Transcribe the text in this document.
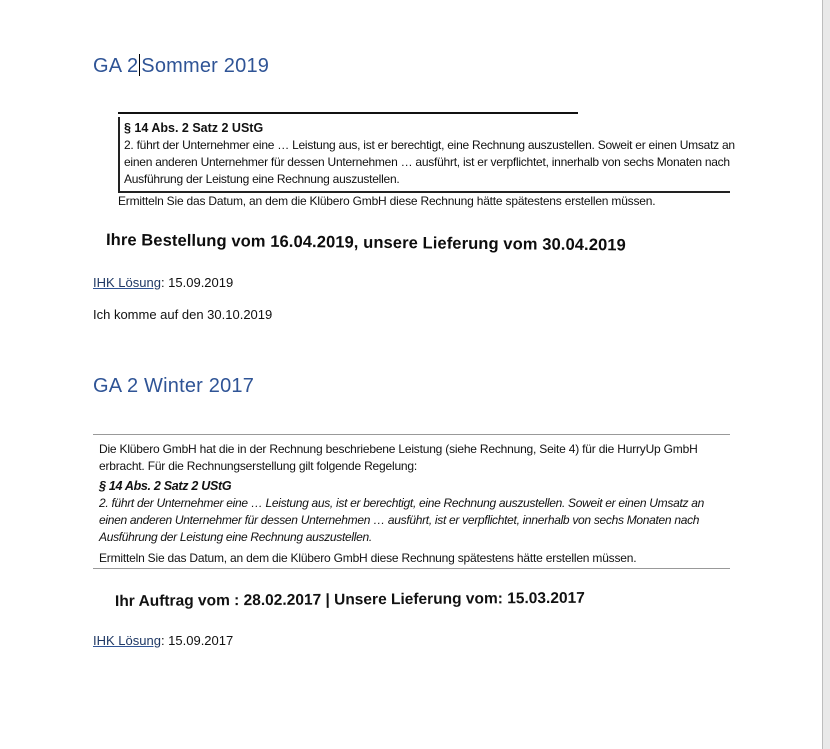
GA 2 Sommer 2019
§ 14 Abs. 2 Satz 2 UStG
2. führt der Unternehmer eine … Leistung aus, ist er berechtigt, eine Rechnung auszustellen. Soweit er einen Umsatz an
einen anderen Unternehmer für dessen Unternehmen … ausführt, ist er verpflichtet, innerhalb von sechs Monaten nach
Ausführung der Leistung eine Rechnung auszustellen.
Ermitteln Sie das Datum, an dem die Klübero GmbH diese Rechnung hätte spätestens erstellen müssen.
Ihre Bestellung vom 16.04.2019, unsere Lieferung vom 30.04.2019
IHK Lösung: 15.09.2019
Ich komme auf den 30.10.2019
GA 2 Winter 2017
Die Klübero GmbH hat die in der Rechnung beschriebene Leistung (siehe Rechnung, Seite 4) für die HurryUp GmbH
erbracht. Für die Rechnungserstellung gilt folgende Regelung:
§ 14 Abs. 2 Satz 2 UStG
2. führt der Unternehmer eine … Leistung aus, ist er berechtigt, eine Rechnung auszustellen. Soweit er einen Umsatz an
einen anderen Unternehmer für dessen Unternehmen … ausführt, ist er verpflichtet, innerhalb von sechs Monaten nach
Ausführung der Leistung eine Rechnung auszustellen.
Ermitteln Sie das Datum, an dem die Klübero GmbH diese Rechnung spätestens hätte erstellen müssen.
Ihr Auftrag vom : 28.02.2017 | Unsere Lieferung vom: 15.03.2017
IHK Lösung: 15.09.2017
